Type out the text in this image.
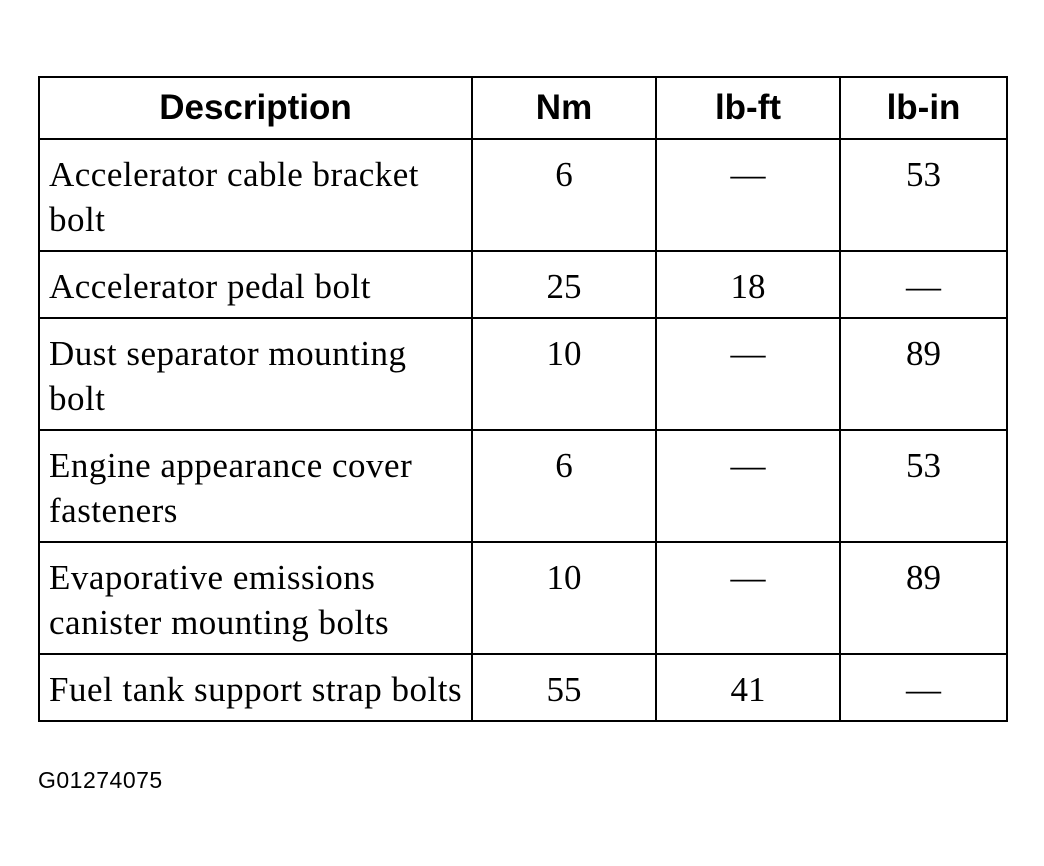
Description	Nm	lb-ft	lb-in
Accelerator cable bracket bolt	6	—	53
Accelerator pedal bolt	25	18	—
Dust separator mounting bolt	10	—	89
Engine appearance cover fasteners	6	—	53
Evaporative emissions canister mounting bolts	10	—	89
Fuel tank support strap bolts	55	41	—
G01274075
